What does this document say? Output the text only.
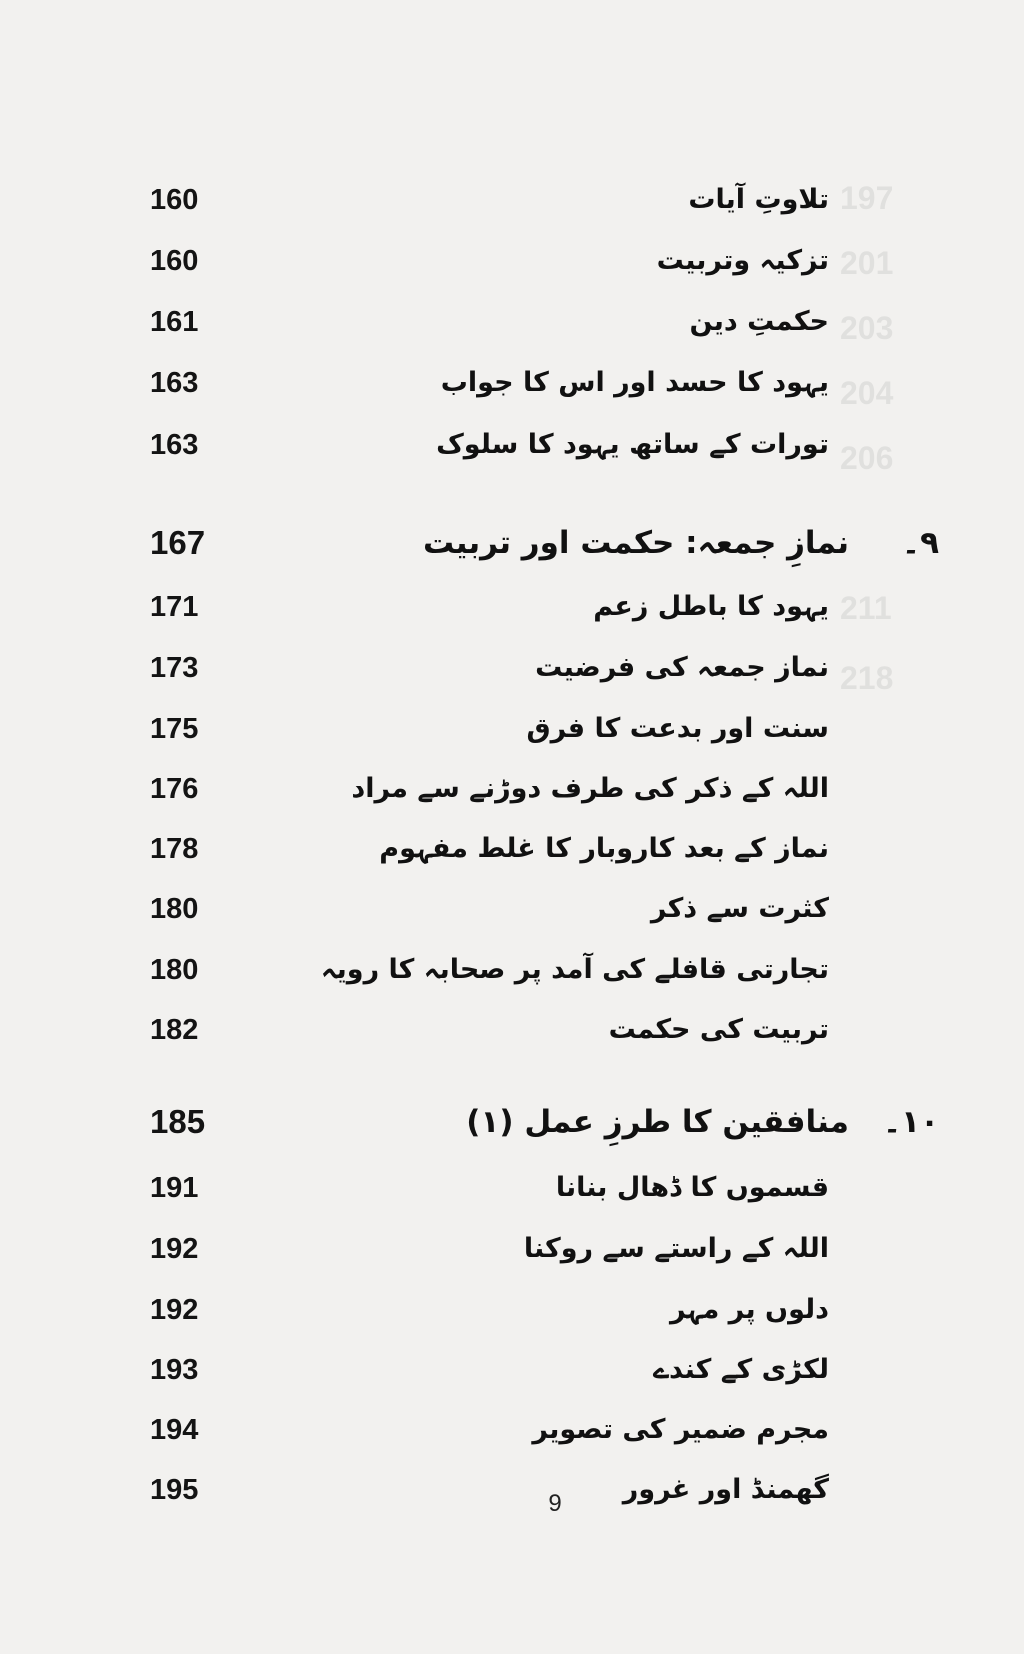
197
201
203
204
206
211
218
160	تلاوتِ آیات
160	تزکیہ وتربیت
161	حکمتِ دین
163	یہود کا حسد اور اس کا جواب
163	تورات کے ساتھ یہود کا سلوک
167	۹۔نمازِ جمعہ: حکمت اور تربیت
171	یہود کا باطل زعم
173	نماز جمعہ کی فرضیت
175	سنت اور بدعت کا فرق
176	اللہ کے ذکر کی طرف دوڑنے سے مراد
178	نماز کے بعد کاروبار کا غلط مفہوم
180	کثرت سے ذکر
180	تجارتی قافلے کی آمد پر صحابہ کا رویہ
182	تربیت کی حکمت
185	۱۰۔منافقین کا طرزِ عمل (۱)
191	قسموں کا ڈھال بنانا
192	اللہ کے راستے سے روکنا
192	دلوں پر مہر
193	لکڑی کے کندے
194	مجرم ضمیر کی تصویر
195	گھمنڈ اور غرور
9
